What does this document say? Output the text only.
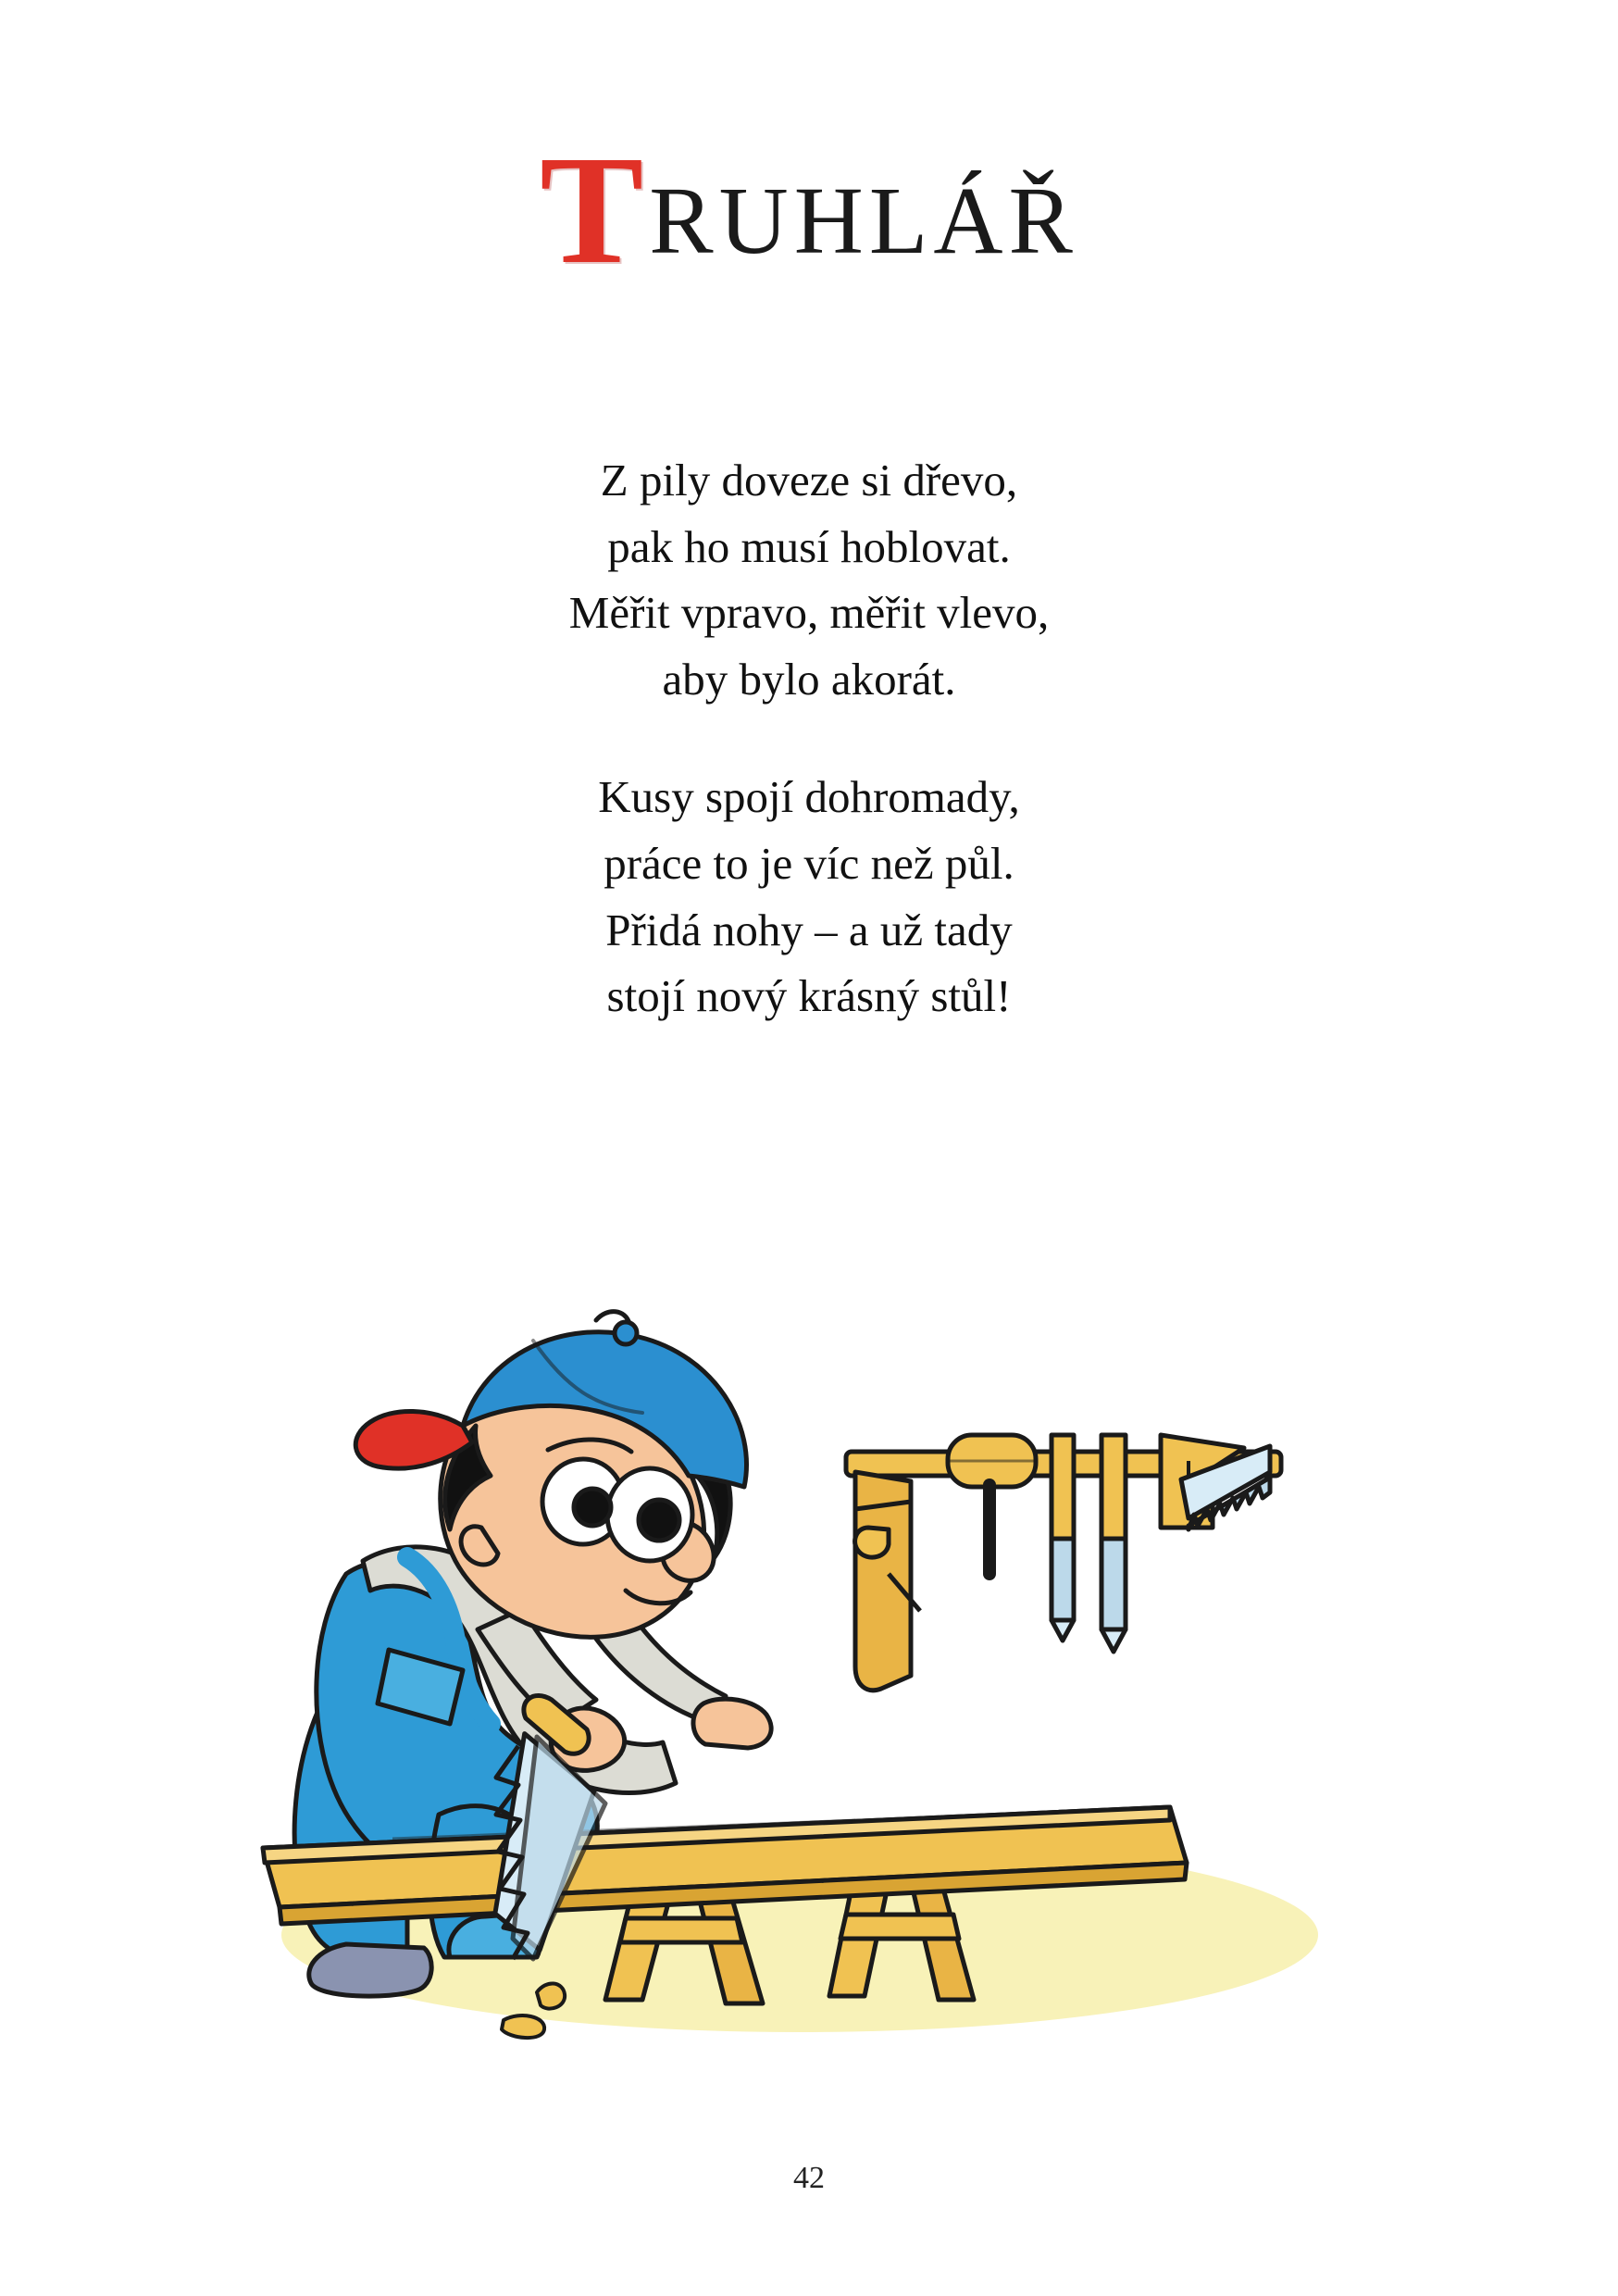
T RUHLÁŘ
Z pily doveze si dřevo,
pak ho musí hoblovat.
Měřit vpravo, měřit vlevo,
aby bylo akorát.
Kusy spojí dohromady,
práce to je víc než půl.
Přidá nohy – a už tady
stojí nový krásný stůl!
42
